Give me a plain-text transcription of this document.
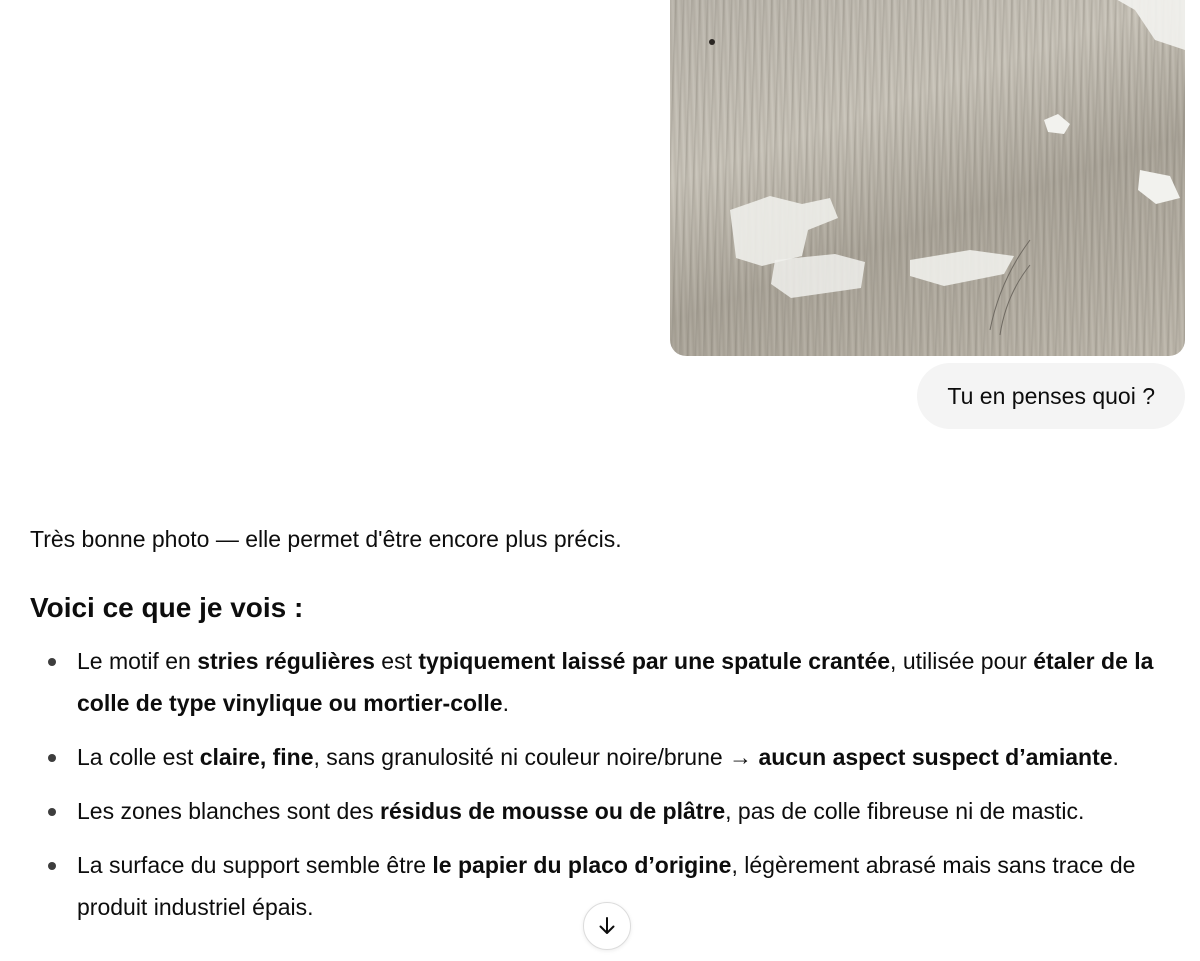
Tu en penses quoi ?

Très bonne photo — elle permet d'être encore plus précis.

Voici ce que je vois :
Le motif en stries régulières est typiquement laissé par une spatule crantée, utilisée pour étaler de la colle de type vinylique ou mortier-colle.
La colle est claire, fine, sans granulosité ni couleur noire/brune → aucun aspect suspect d’amiante.
Les zones blanches sont des résidus de mousse ou de plâtre, pas de colle fibreuse ni de mastic.
La surface du support semble être le papier du placo d’origine, légèrement abrasé mais sans trace de produit industriel épais.
